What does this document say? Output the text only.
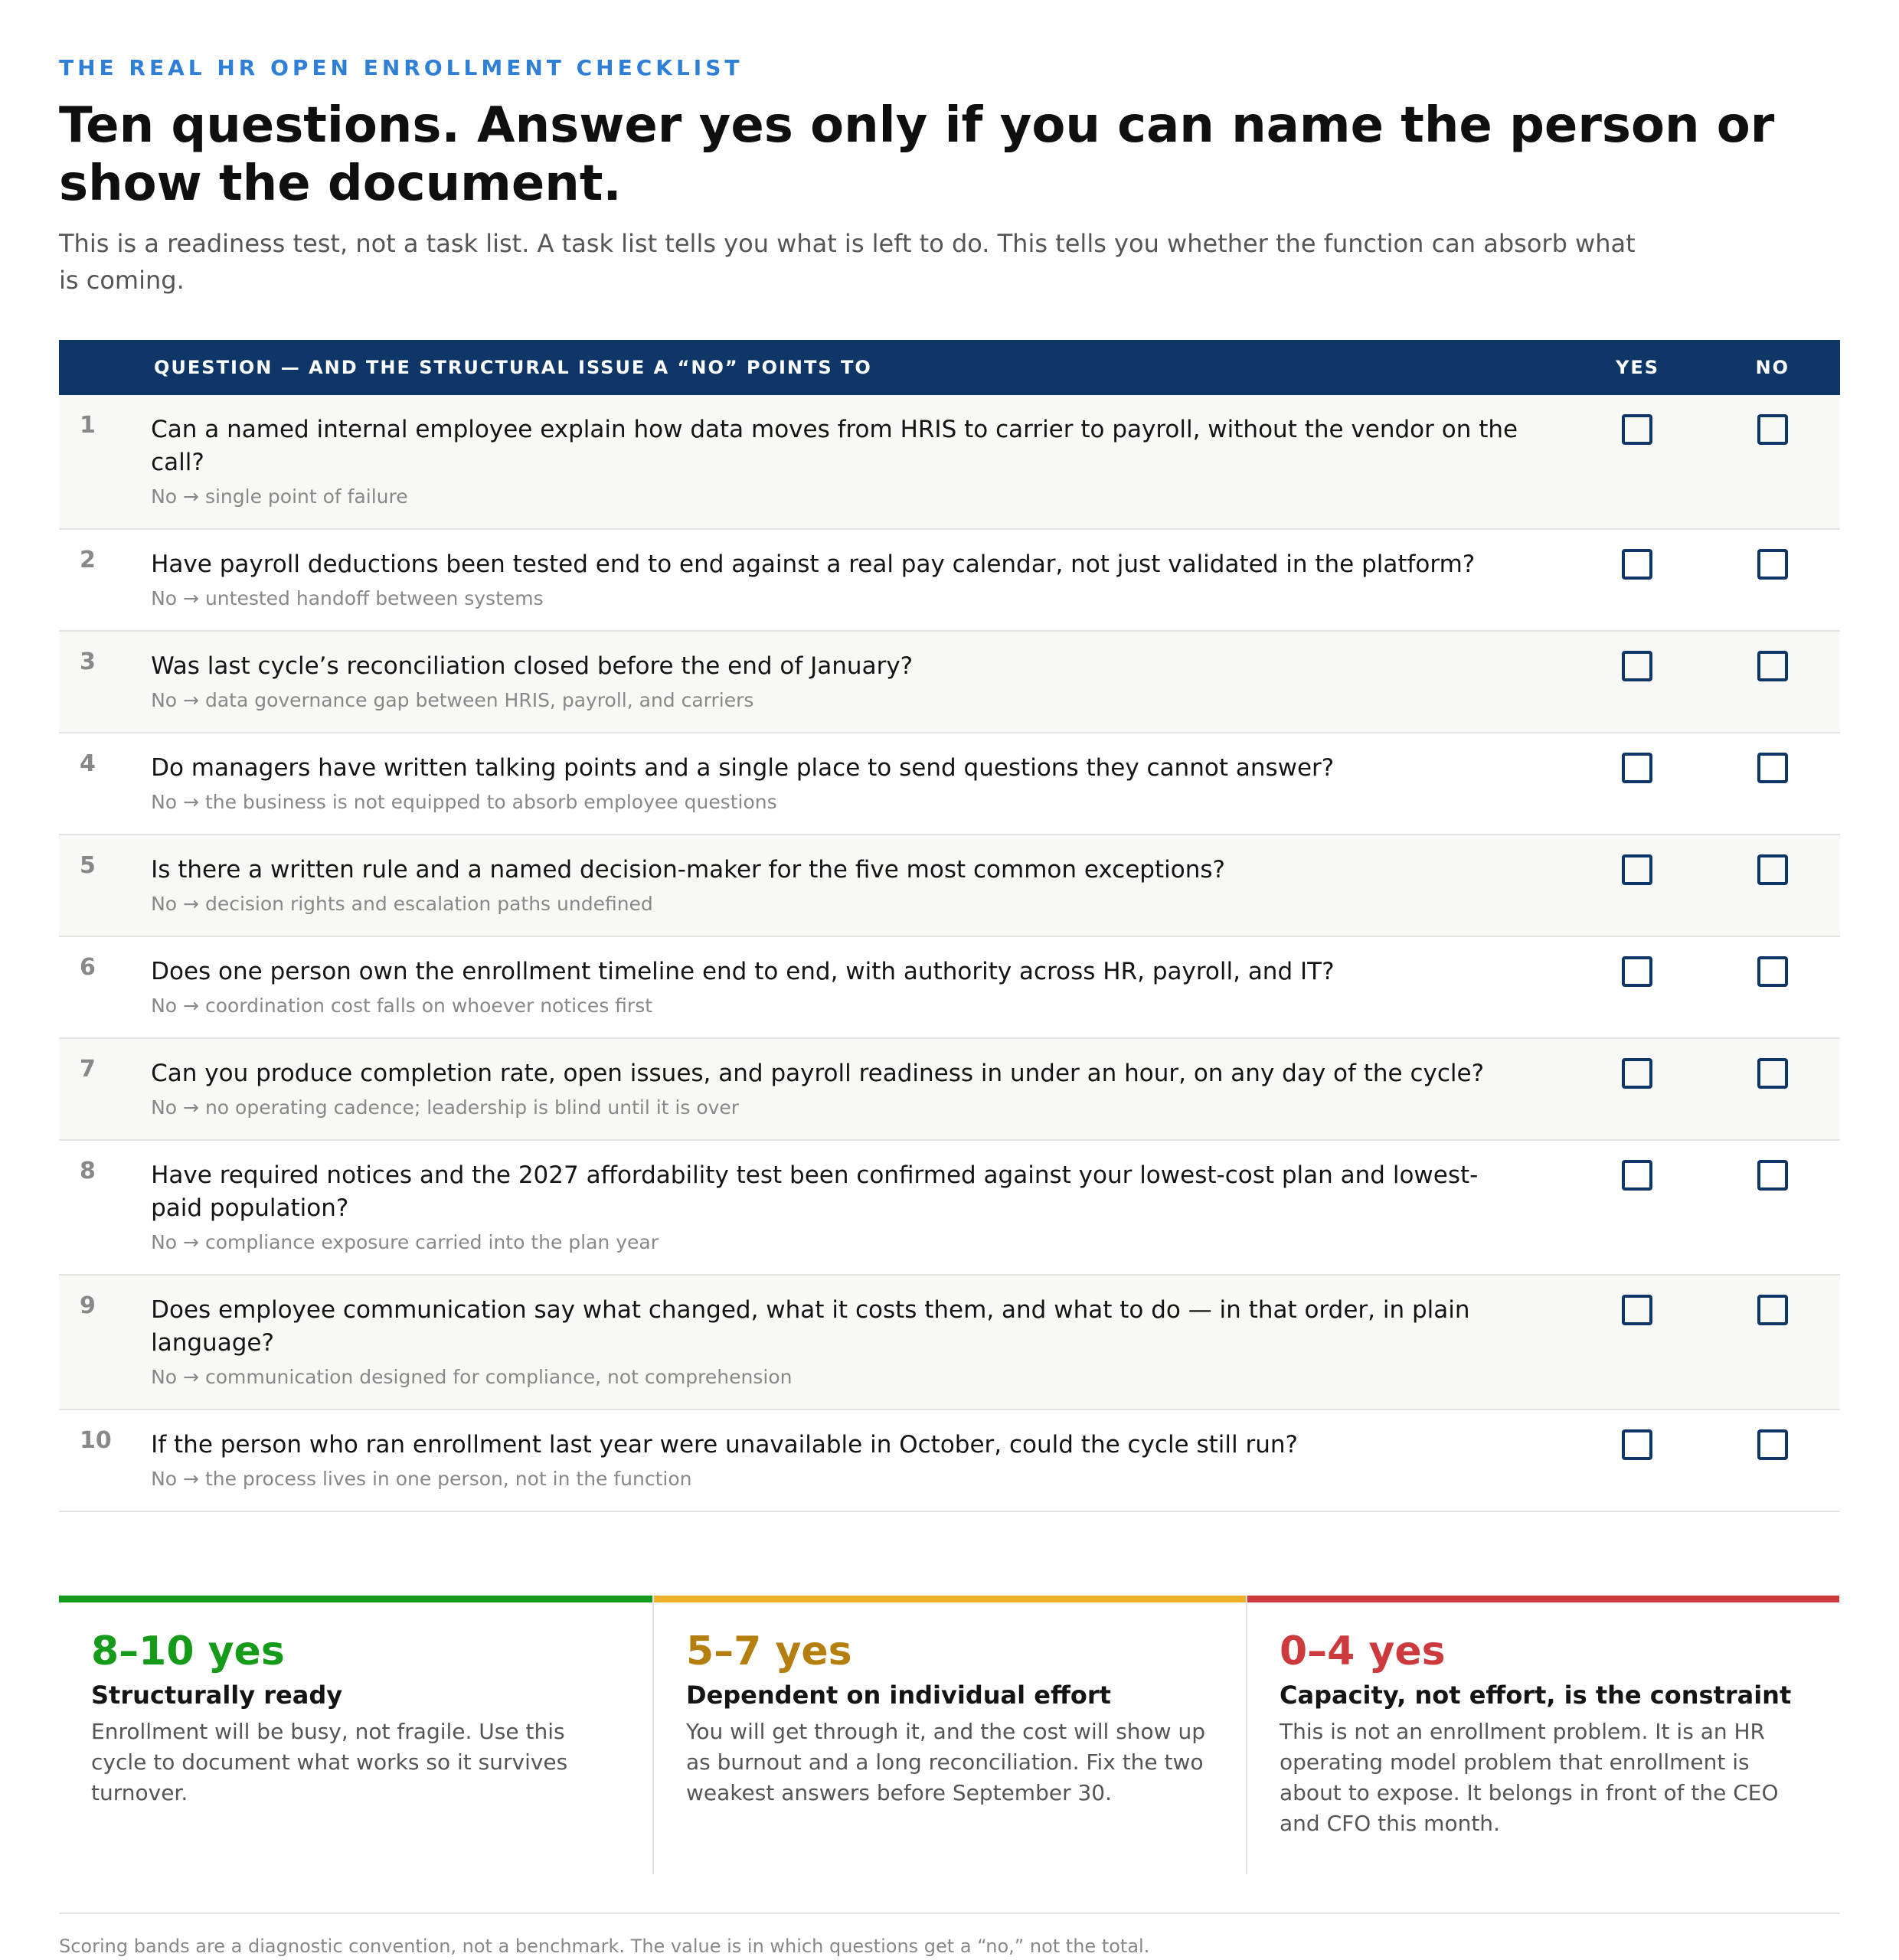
THE REAL HR OPEN ENROLLMENT CHECKLIST
Ten questions. Answer yes only if you can name the person or show the document.

This is a readiness test, not a task list. A task list tells you what is left to do. This tells you whether the function can absorb what is coming.

QUESTION — AND THE STRUCTURAL ISSUE A “NO” POINTS TO	YES	NO
1	Can a named internal employee explain how data moves from HRIS to carrier to payroll, without the vendor on the call?
No → single point of failure
2	Have payroll deductions been tested end to end against a real pay calendar, not just validated in the platform?
No → untested handoff between systems
3	Was last cycle’s reconciliation closed before the end of January?
No → data governance gap between HRIS, payroll, and carriers
4	Do managers have written talking points and a single place to send questions they cannot answer?
No → the business is not equipped to absorb employee questions
5	Is there a written rule and a named decision-maker for the five most common exceptions?
No → decision rights and escalation paths undefined
6	Does one person own the enrollment timeline end to end, with authority across HR, payroll, and IT?
No → coordination cost falls on whoever notices first
7	Can you produce completion rate, open issues, and payroll readiness in under an hour, on any day of the cycle?
No → no operating cadence; leadership is blind until it is over
8	Have required notices and the 2027 affordability test been confirmed against your lowest-cost plan and lowest-paid population?
No → compliance exposure carried into the plan year
9	Does employee communication say what changed, what it costs them, and what to do — in that order, in plain language?
No → communication designed for compliance, not comprehension
10	If the person who ran enrollment last year were unavailable in October, could the cycle still run?
No → the process lives in one person, not in the function
8–10 yes
Structurally ready
Enrollment will be busy, not fragile. Use this cycle to document what works so it survives turnover.
5–7 yes
Dependent on individual effort
You will get through it, and the cost will show up as burnout and a long reconciliation. Fix the two weakest answers before September 30.
0–4 yes
Capacity, not effort, is the constraint
This is not an enrollment problem. It is an HR operating model problem that enrollment is about to expose. It belongs in front of the CEO and CFO this month.
Scoring bands are a diagnostic convention, not a benchmark. The value is in which questions get a “no,” not the total.
